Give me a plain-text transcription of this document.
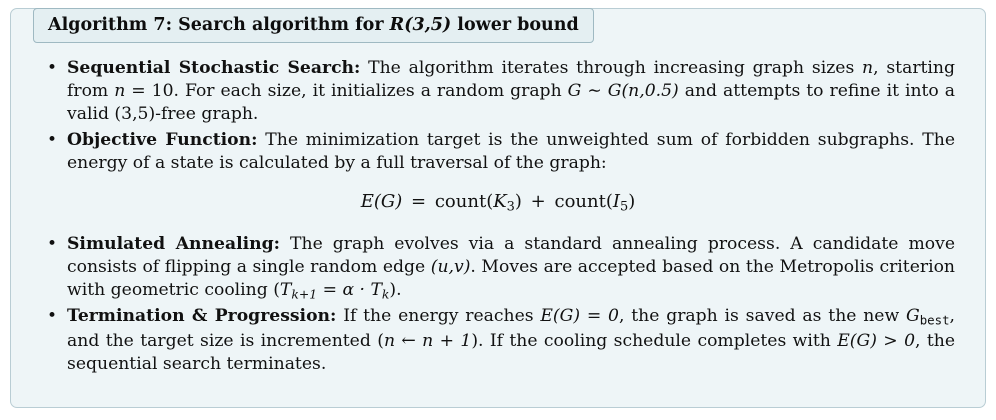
Algorithm 7: Search algorithm for R(3,5) lower bound
• Sequential Stochastic Search: The algorithm iterates through increasing graph sizes n, starting from n = 10. For each size, it initializes a random graph G ∼ G(n,0.5) and attempts to refine it into a valid (3,5)-free graph.
• Objective Function: The minimization target is the unweighted sum of forbidden subgraphs. The energy of a state is calculated by a full traversal of the graph:
$E(G) = count(K_3)$ + $count(I_5)$
• Simulated Annealing: The graph evolves via a standard annealing process. A candidate move consists of flipping a single random edge (u,v). Moves are accepted based on the Metropolis criterion with geometric cooling $(T_{k+1} = \alpha \cdot T_k)$.
• Termination & Progression: If the energy reaches E(G) = 0, the graph is saved as the new $G_{best}$, and the target size is incremented (n ← n + 1). If the cooling schedule completes with E(G) > 0, the sequential search terminates.
